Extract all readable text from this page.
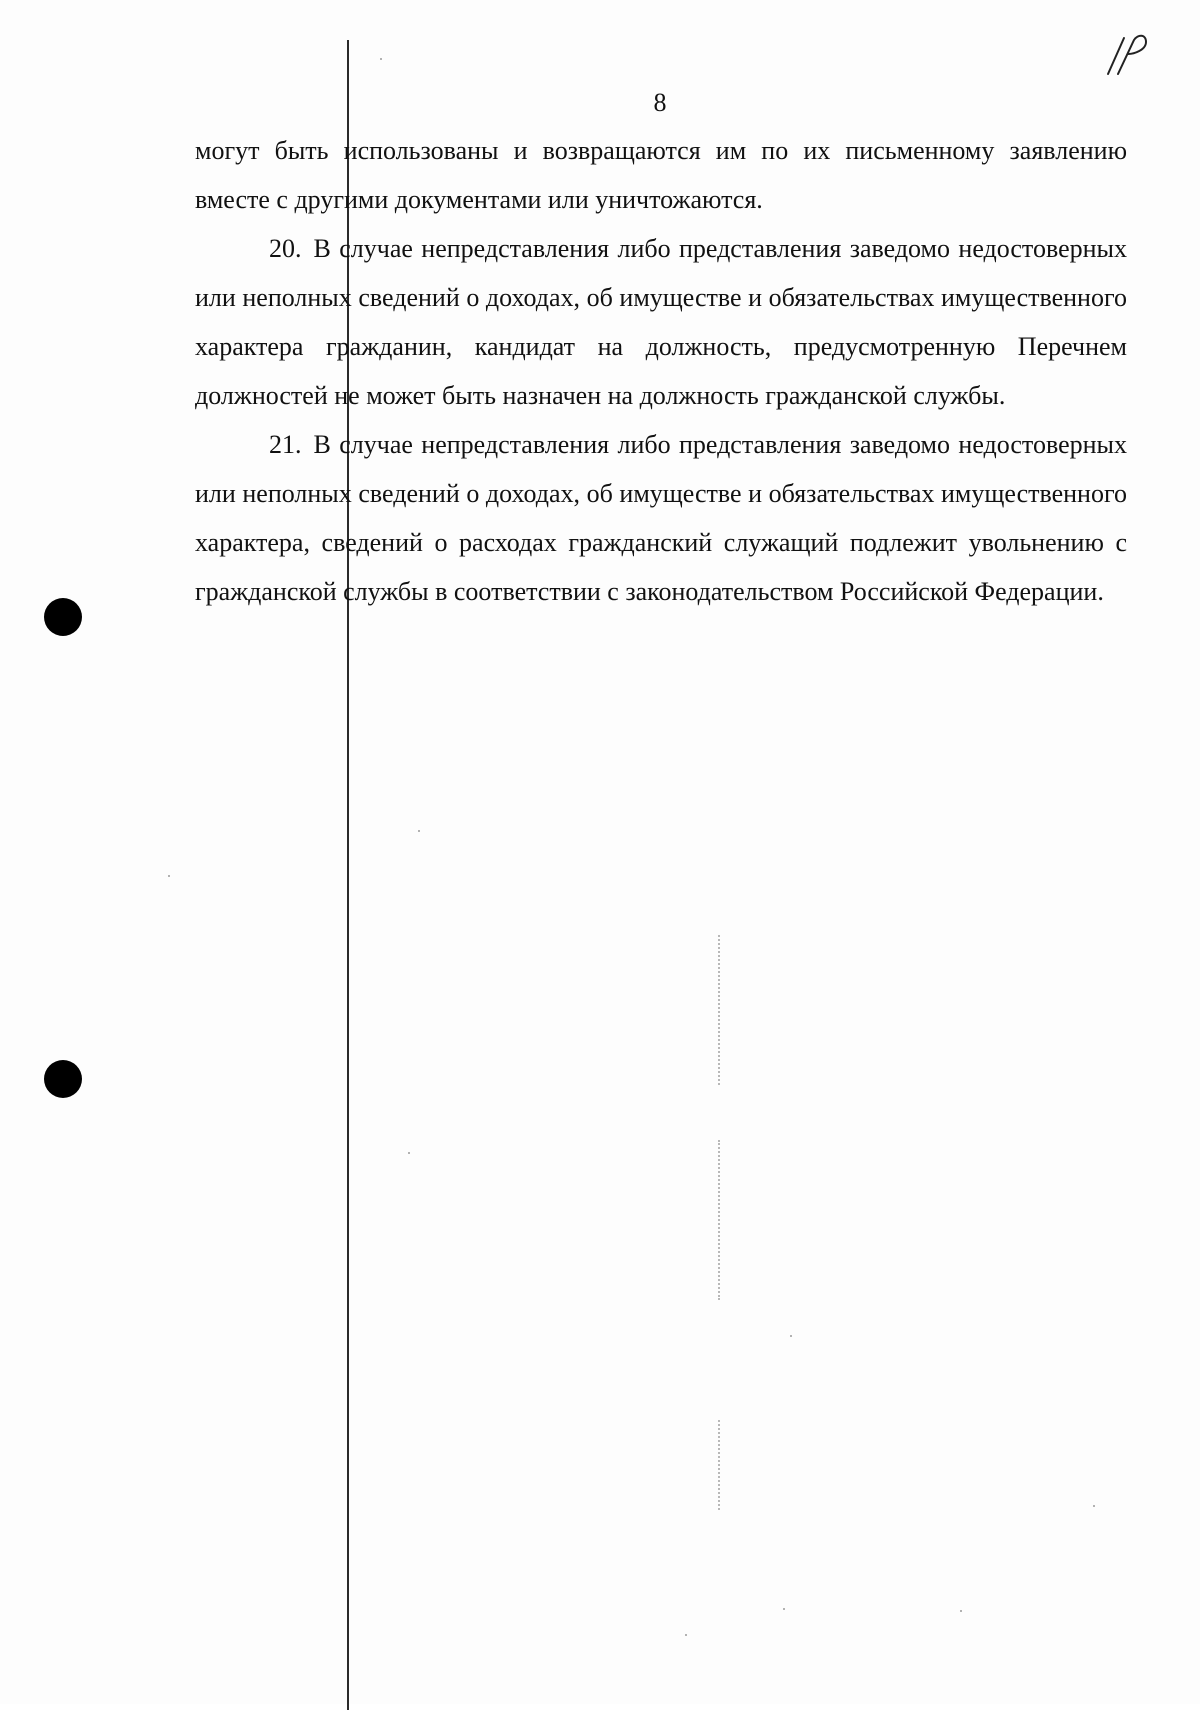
8

могут быть использованы и возвращаются им по их письменному заявлению вместе с другими документами или уничтожаются.

20. В случае непредставления либо представления заведомо недостоверных или неполных сведений о доходах, об имуществе и обязательствах имущественного характера гражданин, кандидат на должность, предусмотренную Перечнем должностей не может быть назначен на должность гражданской службы.

21. В случае непредставления либо представления заведомо недостоверных или неполных сведений о доходах, об имуществе и обязательствах имущественного характера, сведений о расходах гражданский служащий подлежит увольнению с гражданской службы в соответствии с законодательством Российской Федерации.
